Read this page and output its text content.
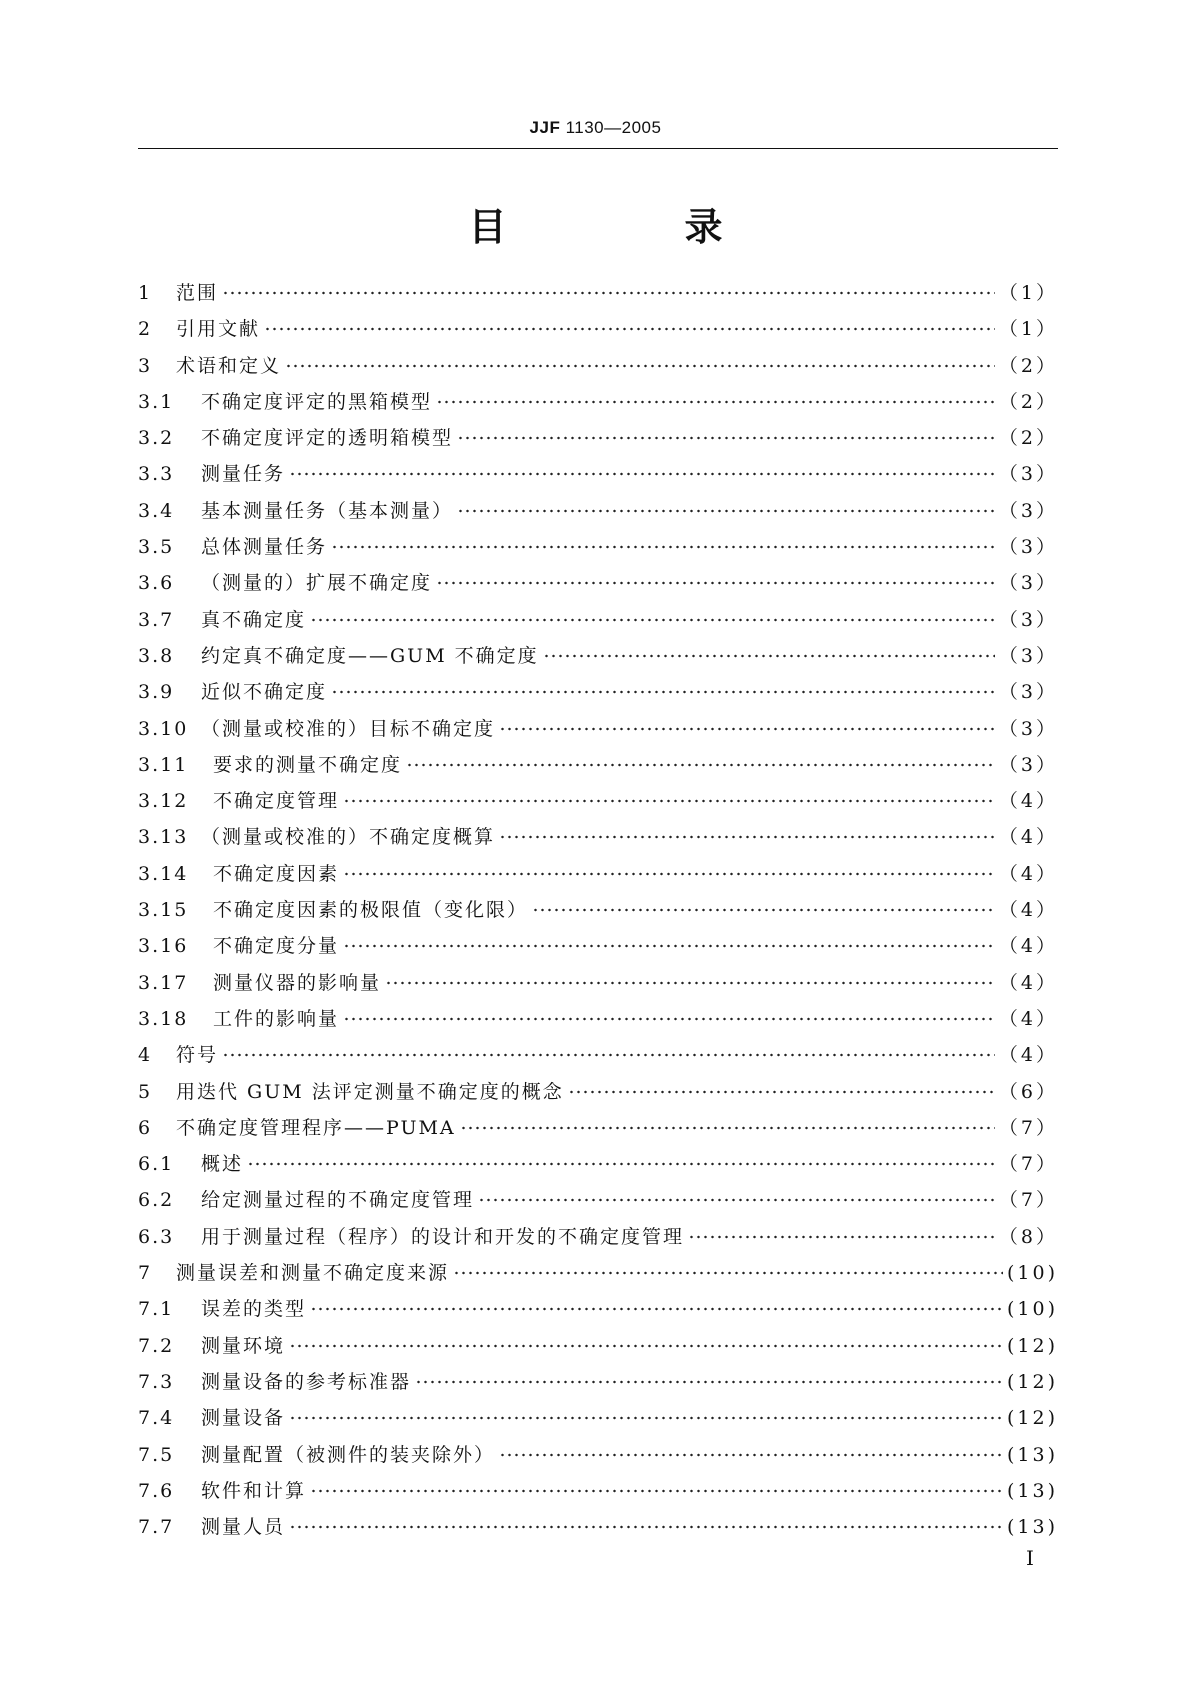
JJF 1130—2005
目　录
1	范围	（1）
2	引用文献	（1）
3	术语和定义	（2）
3.1	不确定度评定的黑箱模型	（2）
3.2	不确定度评定的透明箱模型	（2）
3.3	测量任务	（3）
3.4	基本测量任务（基本测量）	（3）
3.5	总体测量任务	（3）
3.6	（测量的）扩展不确定度	（3）
3.7	真不确定度	（3）
3.8	约定真不确定度——GUM 不确定度	（3）
3.9	近似不确定度	（3）
3.10 （测量或校准的）目标不确定度	（3）
3.11	要求的测量不确定度	（3）
3.12	不确定度管理	（4）
3.13 （测量或校准的）不确定度概算	（4）
3.14	不确定度因素	（4）
3.15	不确定度因素的极限值（变化限）	（4）
3.16	不确定度分量	（4）
3.17	测量仪器的影响量	（4）
3.18	工件的影响量	（4）
4	符号	（4）
5	用迭代 GUM 法评定测量不确定度的概念	（6）
6	不确定度管理程序——PUMA	（7）
6.1	概述	（7）
6.2	给定测量过程的不确定度管理	（7）
6.3	用于测量过程（程序）的设计和开发的不确定度管理	（8）
7	测量误差和测量不确定度来源	(10)
7.1	误差的类型	(10)
7.2	测量环境	(12)
7.3	测量设备的参考标准器	(12)
7.4	测量设备	(12)
7.5	测量配置（被测件的装夹除外）	(13)
7.6	软件和计算	(13)
7.7	测量人员	(13)
I
